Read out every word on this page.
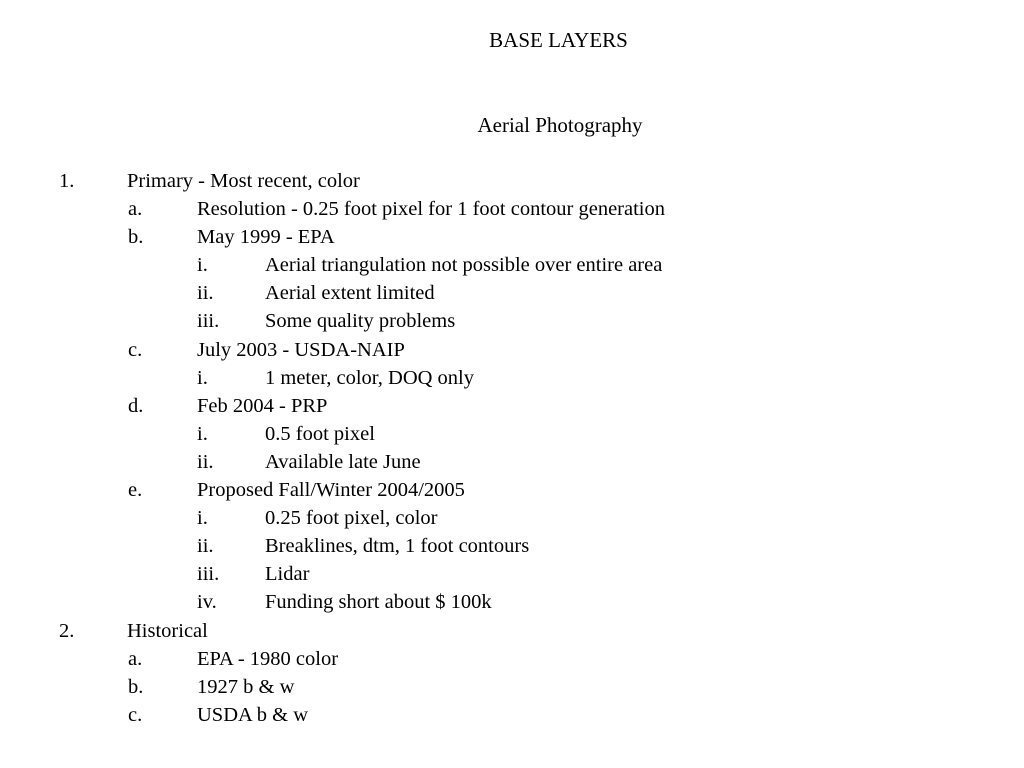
BASE LAYERS
Aerial Photography
1.	Primary - Most recent, color
a.	Resolution - 0.25 foot pixel for 1 foot contour generation
b.	May 1999 - EPA
i.	Aerial triangulation not possible over entire area
ii.	Aerial extent limited
iii. Some quality problems
c.	July 2003 - USDA-NAIP
i.	1 meter, color, DOQ only
d.	Feb 2004 - PRP
i.	0.5 foot pixel
ii.	Available late June
e.	Proposed Fall/Winter 2004/2005
i.	0.25 foot pixel, color
ii.	Breaklines, dtm, 1 foot contours
iii. Lidar
iv. Funding short about $ 100k
2.	Historical
a.	EPA - 1980 color
b.	1927 b & w
c.	USDA b & w
